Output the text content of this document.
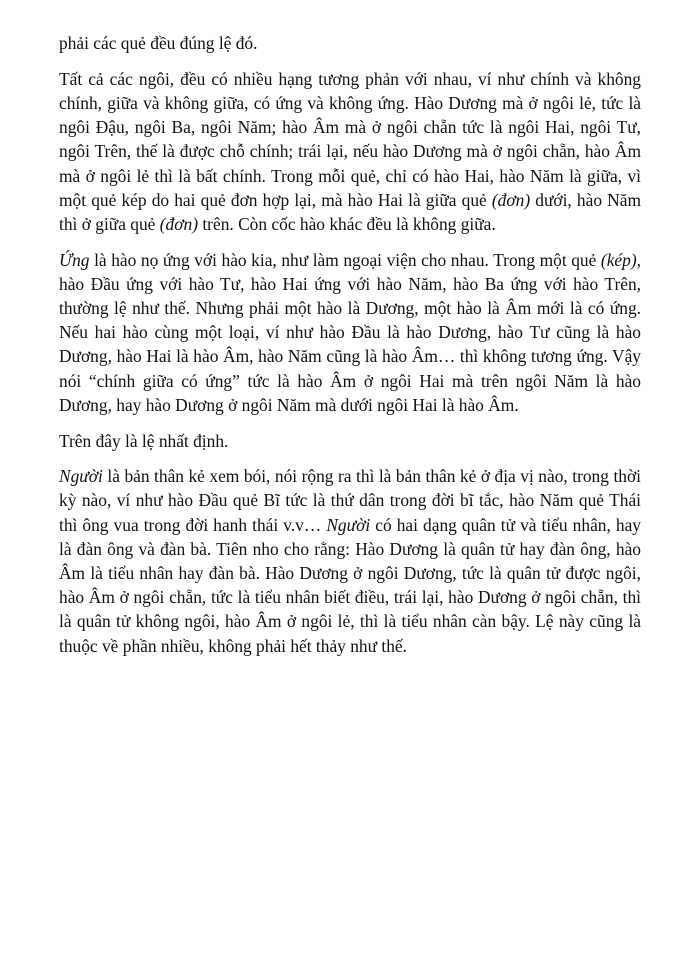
phải các quẻ đều đúng lệ đó.

Tất cả các ngôi, đều có nhiều hạng tương phản với nhau, ví như chính và không chính, giữa và không giữa, có ứng và không ứng. Hào Dương mà ở ngôi lẻ, tức là ngôi Đậu, ngôi Ba, ngôi Năm; hào Âm mà ở ngôi chẵn tức là ngôi Hai, ngôi Tư, ngôi Trên, thế là được chỗ chính; trái lại, nếu hào Dương mà ở ngôi chẵn, hào Âm mà ở ngôi lẻ thì là bất chính. Trong mỗi quẻ, chỉ có hào Hai, hào Năm là giữa, vì một quẻ kép do hai quẻ đơn hợp lại, mà hào Hai là giữa quẻ (đơn) dưới, hào Năm thì ở giữa quẻ (đơn) trên. Còn cốc hào khác đều là không giữa.

Ứng là hào nọ ứng với hào kia, như làm ngoại viện cho nhau. Trong một quẻ (kép), hào Đầu ứng với hào Tư, hào Hai ứng với hào Năm, hào Ba ứng với hào Trên, thường lệ như thế. Nhưng phải một hào là Dương, một hào là Âm mới là có ứng. Nếu hai hào cùng một loại, ví như hào Đầu là hào Dương, hào Tư cũng là hào Dương, hào Hai là hào Âm, hào Năm cũng là hào Âm… thì không tương ứng. Vậy nói “chính giữa có ứng” tức là hào Âm ở ngôi Hai mà trên ngôi Năm là hào Dương, hay hào Dương ở ngôi Năm mà dưới ngôi Hai là hào Âm.

Trên đây là lệ nhất định.

Người là bản thân kẻ xem bói, nói rộng ra thì là bản thân kẻ ở địa vị nào, trong thời kỳ nào, ví như hào Đầu quẻ Bĩ tức là thứ dân trong đời bĩ tắc, hào Năm quẻ Thái thì ông vua trong đời hanh thái v.v… Người có hai dạng quân tử và tiểu nhân, hay là đàn ông và đàn bà. Tiên nho cho rằng: Hào Dương là quân tử hay đàn ông, hào Âm là tiểu nhân hay đàn bà. Hào Dương ở ngôi Dương, tức là quân tử được ngôi, hào Âm ở ngôi chẵn, tức là tiểu nhân biết điều, trái lại, hào Dương ở ngôi chẵn, thì là quân tử không ngôi, hào Âm ở ngôi lẻ, thì là tiểu nhân càn bậy. Lệ này cũng là thuộc về phần nhiều, không phải hết thảy như thế.
